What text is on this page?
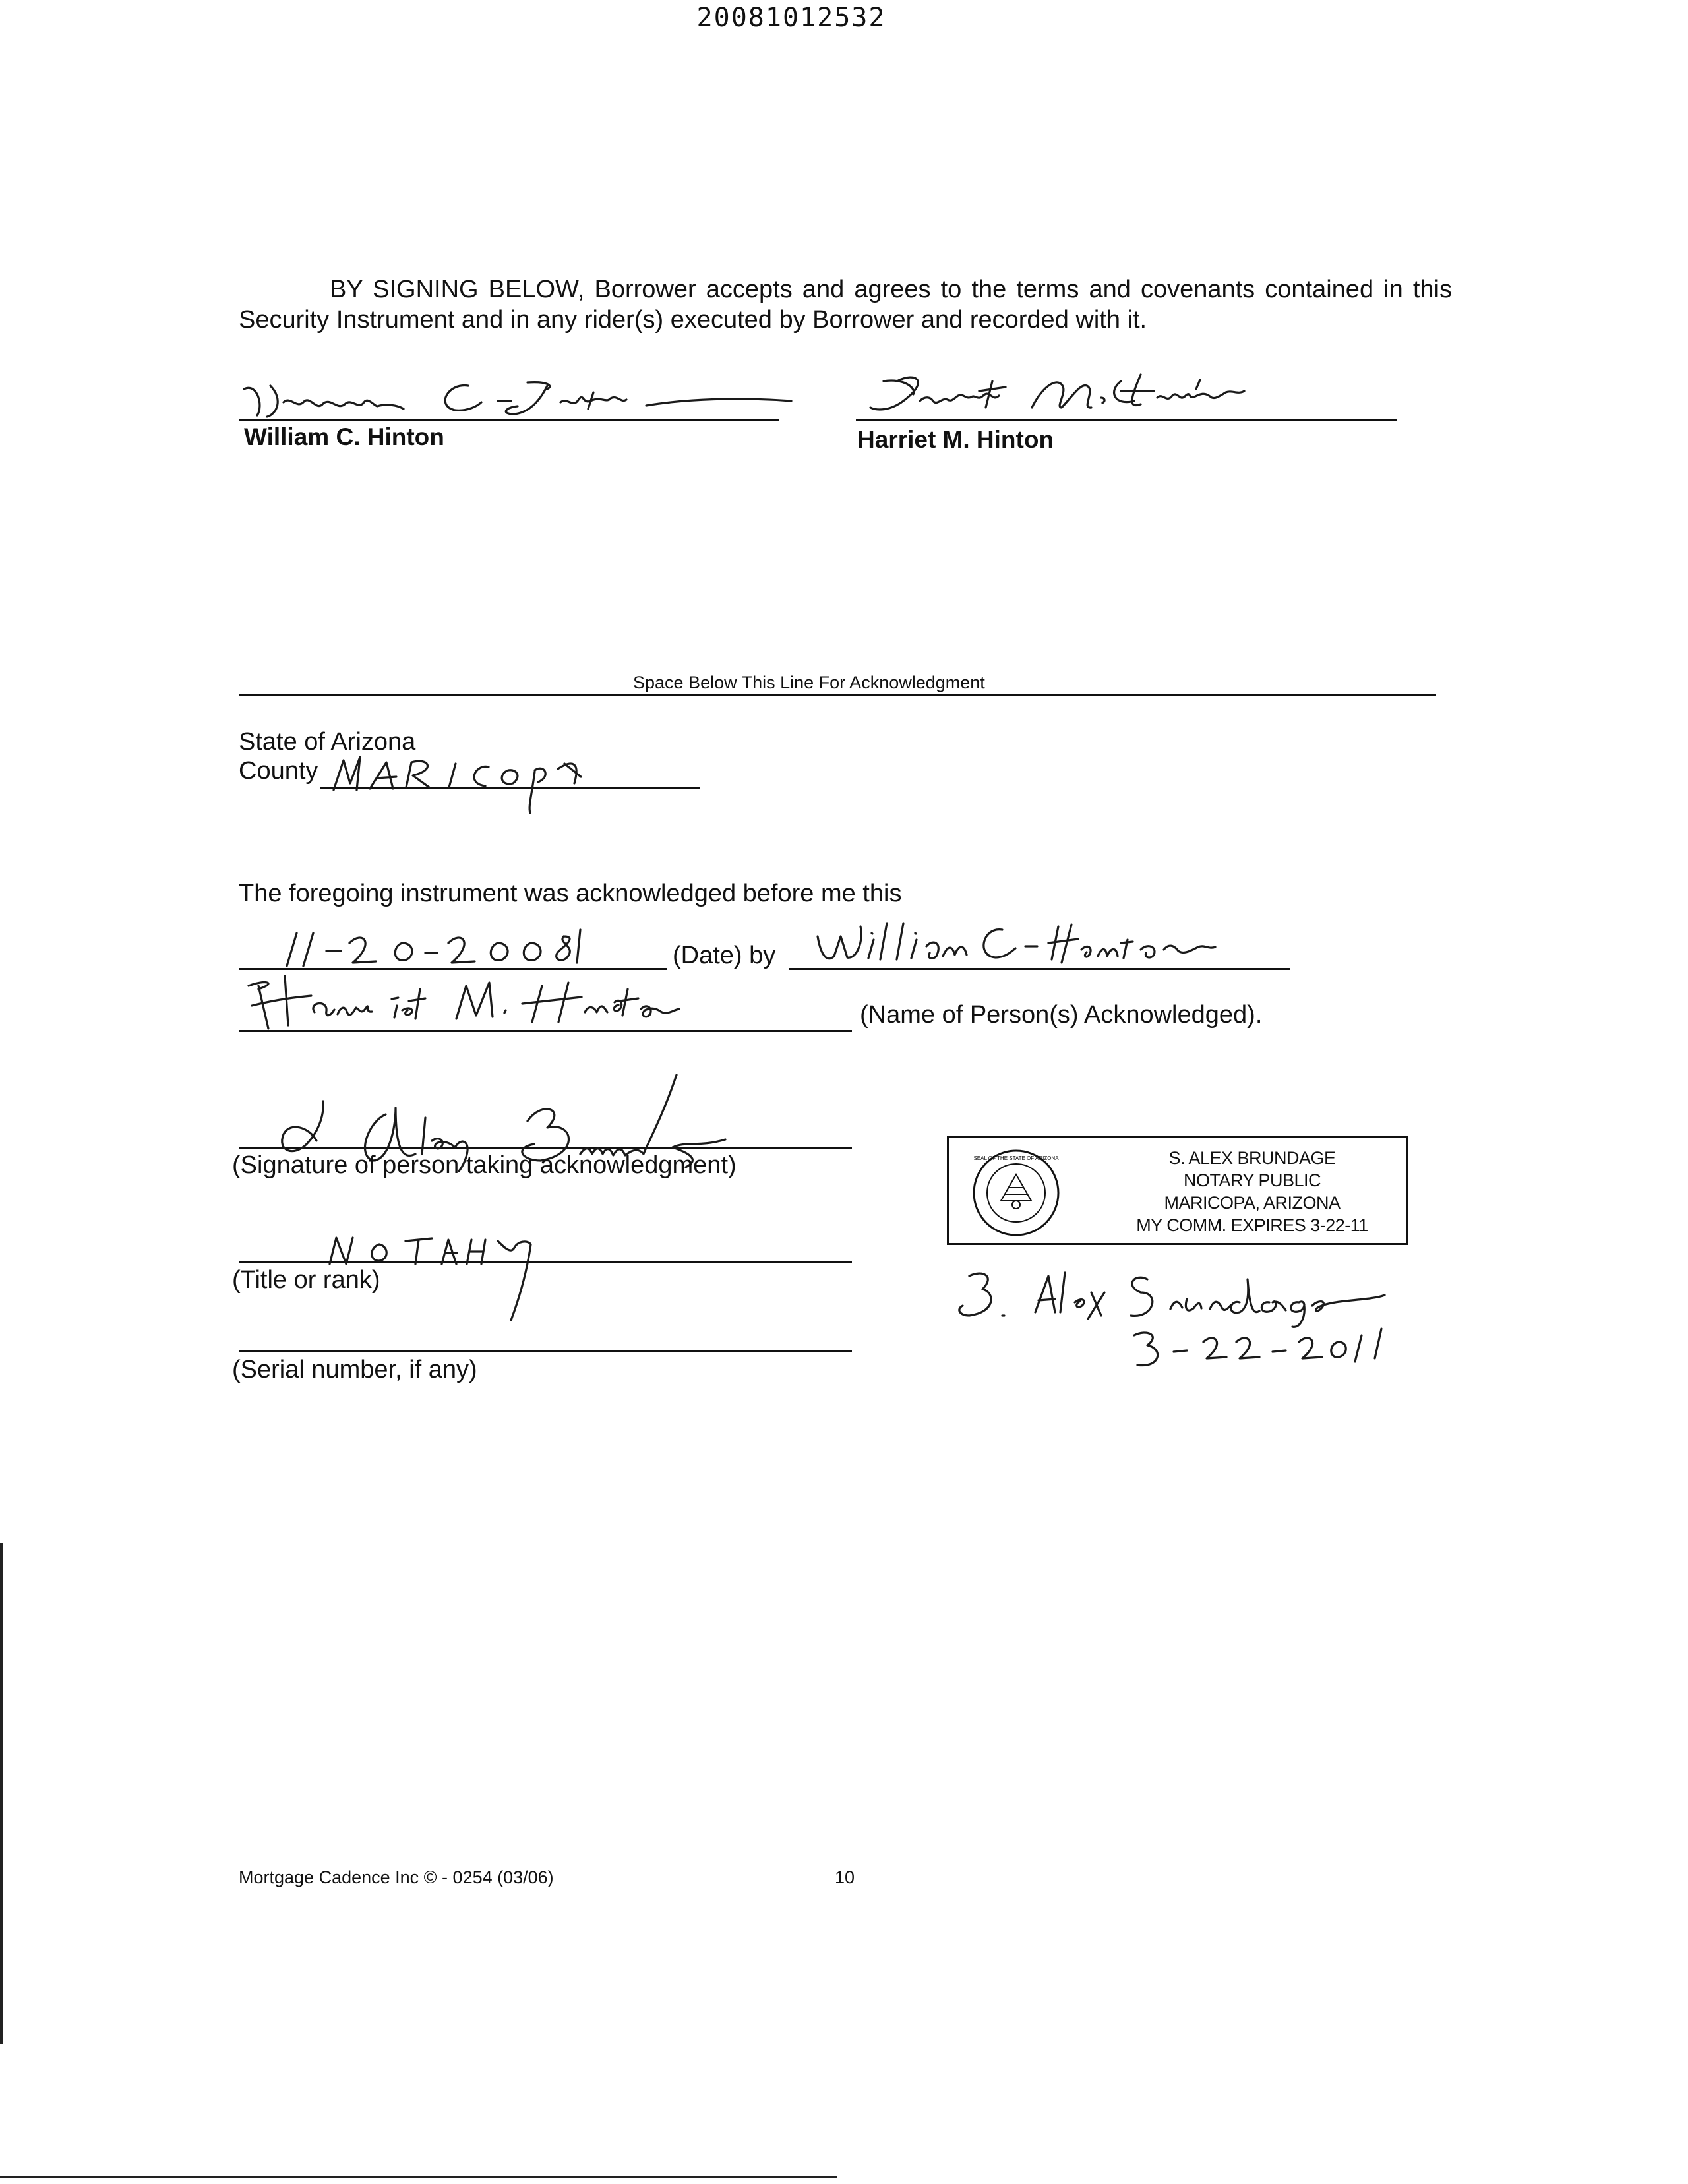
20081012532
BY SIGNING BELOW, Borrower accepts and agrees to the terms and covenants contained in this Security Instrument and in any rider(s) executed by Borrower and recorded with it.
William C. Hinton	Harriet M. Hinton
Space Below This Line For Acknowledgment
State of Arizona
County
The foregoing instrument was acknowledged before me this
(Date) by
(Name of Person(s) Acknowledged).
(Signature of person taking acknowledgment)
(Title or rank)
(Serial number, if any)
SEAL OF THE STATE OF ARIZONA	S. ALEX BRUNDAGE
NOTARY PUBLIC
MARICOPA, ARIZONA
MY COMM. EXPIRES 3-22-11
Mortgage Cadence Inc © - 0254 (03/06)	10
